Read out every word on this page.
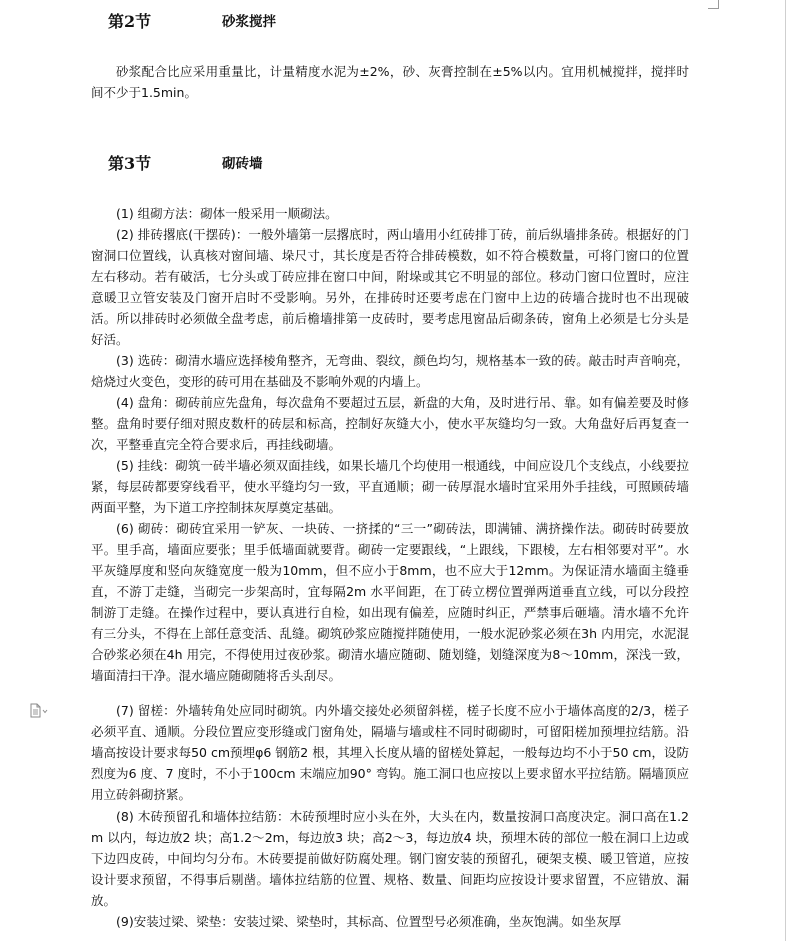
第2节	砂浆搅拌

砂浆配合比应采用重量比，计量精度水泥为±2%，砂、灰膏控制在±5%以内。宜用机械搅拌，搅拌时间不少于1.5min。

第3节	砌砖墙

(1) 组砌方法：砌体一般采用一顺砌法。

(2) 排砖撂底(干摆砖)：一般外墙第一层撂底时，两山墙用小红砖排丁砖，前后纵墙排条砖。根据好的门窗洞口位置线，认真核对窗间墙、垛尺寸，其长度是否符合排砖模数，如不符合模数量，可将门窗口的位置左右移动。若有破活，七分头或丁砖应排在窗口中间，附垛或其它不明显的部位。移动门窗口位置时，应注意暖卫立管安装及门窗开启时不受影响。另外，在排砖时还要考虑在门窗中上边的砖墙合拢时也不出现破活。所以排砖时必须做全盘考虑，前后檐墙排第一皮砖时，要考虑甩窗品后砌条砖，窗角上必须是七分头是好活。

(3) 选砖：砌清水墙应选择棱角整齐，无弯曲、裂纹，颜色均匀，规格基本一致的砖。敲击时声音响亮，焙烧过火变色，变形的砖可用在基础及不影响外观的内墙上。

(4) 盘角：砌砖前应先盘角，每次盘角不要超过五层，新盘的大角，及时进行吊、靠。如有偏差要及时修整。盘角时要仔细对照皮数杆的砖层和标高，控制好灰缝大小，使水平灰缝均匀一致。大角盘好后再复查一次，平整垂直完全符合要求后，再挂线砌墙。

(5) 挂线：砌筑一砖半墙必须双面挂线，如果长墙几个均使用一根通线，中间应设几个支线点，小线要拉紧，每层砖都要穿线看平，使水平缝均匀一致，平直通顺；砌一砖厚混水墙时宜采用外手挂线，可照顾砖墙两面平整，为下道工序控制抹灰厚奠定基础。

(6) 砌砖：砌砖宜采用一铲灰、一块砖、一挤揉的“三一”砌砖法，即满铺、满挤操作法。砌砖时砖要放平。里手高，墙面应要张；里手低墙面就要背。砌砖一定要跟线，“上跟线，下跟棱，左右相邻要对平”。水平灰缝厚度和竖向灰缝宽度一般为10mm，但不应小于8mm，也不应大于12mm。为保证清水墙面主缝垂直，不游丁走缝，当砌完一步架高时，宜每隔2m 水平间距，在丁砖立楞位置弹两道垂直立线，可以分段控制游丁走缝。在操作过程中，要认真进行自检，如出现有偏差，应随时纠正，严禁事后砸墙。清水墙不允许有三分头，不得在上部任意变活、乱缝。砌筑砂浆应随搅拌随使用，一般水泥砂浆必须在3h 内用完，水泥混合砂浆必须在4h 用完，不得使用过夜砂浆。砌清水墙应随砌、随划缝，划缝深度为8～10mm，深浅一致，墙面清扫干净。混水墙应随砌随将舌头刮尽。

(7) 留槎：外墙转角处应同时砌筑。内外墙交接处必须留斜槎，槎子长度不应小于墙体高度的2/3，槎子必须平直、通顺。分段位置应变形缝或门窗角处，隔墙与墙或柱不同时砌砌时，可留阳槎加预埋拉结筋。沿墙高按设计要求每50 cm预埋φ6 钢筋2 根，其埋入长度从墙的留槎处算起，一般每边均不小于50 cm，设防烈度为6 度、7 度时，不小于100cm 末端应加90° 弯钩。施工洞口也应按以上要求留水平拉结筋。隔墙顶应用立砖斜砌挤紧。

(8) 木砖预留孔和墙体拉结筋：木砖预埋时应小头在外，大头在内，数量按洞口高度决定。洞口高在1.2m 以内，每边放2 块；高1.2～2m，每边放3 块；高2～3，每边放4 块，预埋木砖的部位一般在洞口上边或下边四皮砖，中间均匀分布。木砖要提前做好防腐处理。钢门窗安装的预留孔，硬架支模、暖卫管道，应按设计要求预留，不得事后剔凿。墙体拉结筋的位置、规格、数量、间距均应按设计要求留置，不应错放、漏放。

(9)安装过梁、梁垫：安装过梁、梁垫时，其标高、位置型号必须准确，坐灰饱满。如坐灰厚
